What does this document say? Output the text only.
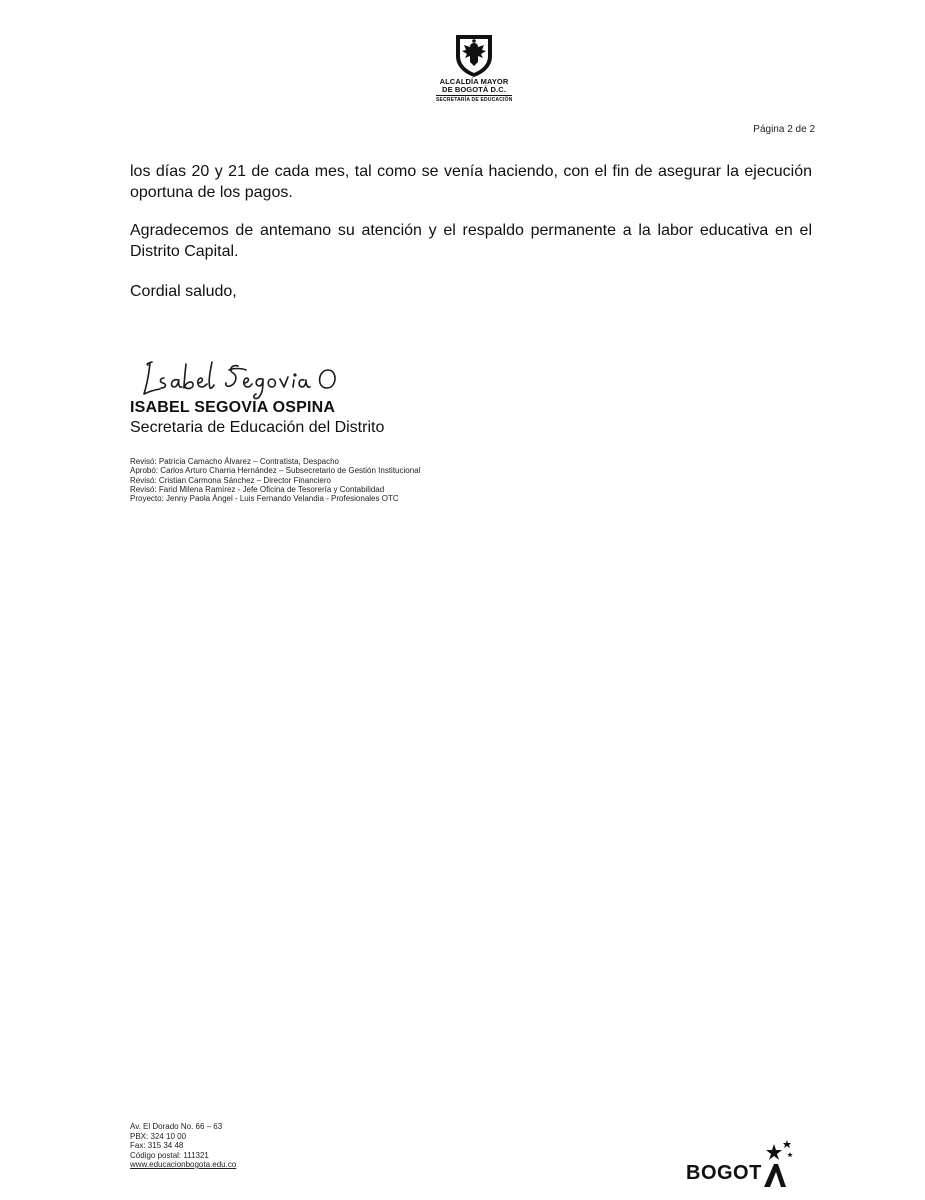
ALCALDÍA MAYOR
DE BOGOTÁ D.C.
SECRETARÍA DE EDUCACIÓN
Página 2 de 2

los días 20 y 21 de cada mes, tal como se venía haciendo, con el fin de asegurar la ejecución oportuna de los pagos.

Agradecemos de antemano su atención y el respaldo permanente a la labor educativa en el Distrito Capital.

Cordial saludo,

ISABEL SEGOVIA OSPINA
Secretaria de Educación del Distrito
Revisó: Patricia Camacho Álvarez – Contratista, Despacho
Aprobó: Carlos Arturo Charria Hernández – Subsecretario de Gestión Institucional
Revisó: Cristian Carmona Sánchez – Director Financiero
Revisó: Farid Milena Ramírez - Jefe Oficina de Tesorería y Contabilidad
Proyecto: Jenny Paola Ángel - Luis Fernando Velandia - Profesionales OTC
Av. El Dorado No. 66 – 63
PBX: 324 10 00
Fax: 315 34 48
Código postal: 111321
www.educacionbogota.edu.co	BOGOT
